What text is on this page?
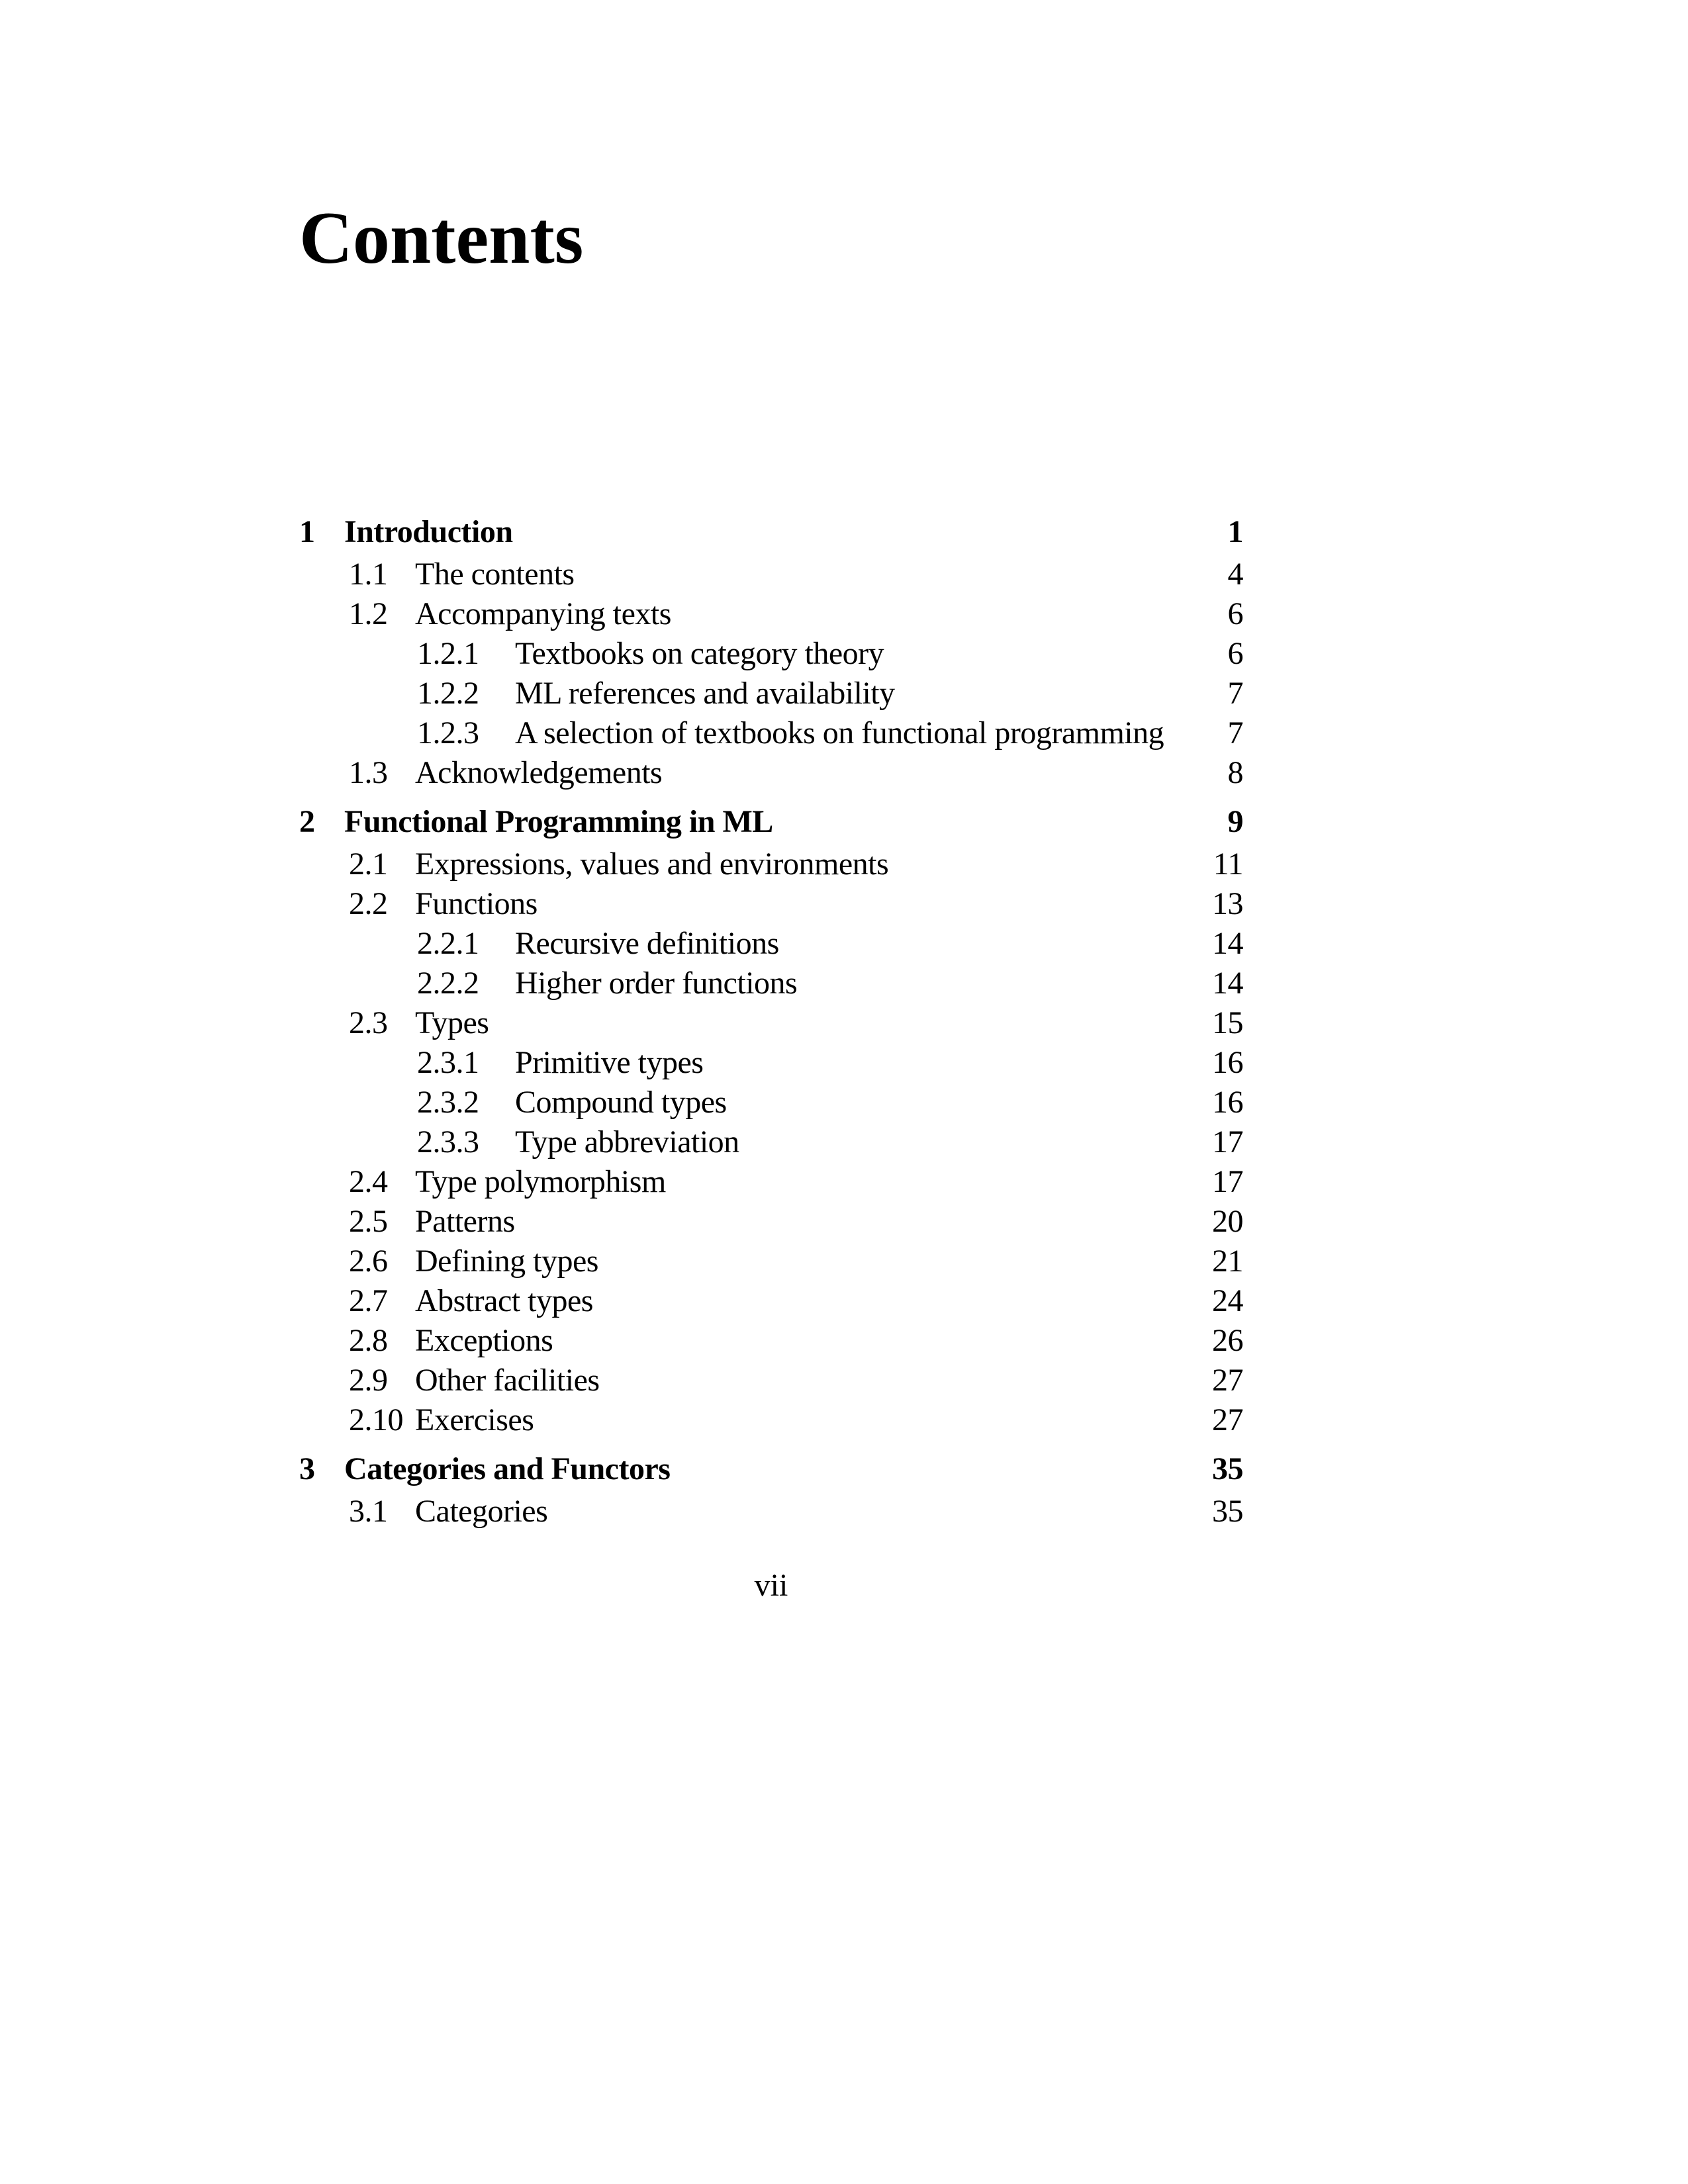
Contents
1 Introduction	1
1.1 The contents	4
1.2 Accompanying texts	6
1.2.1	Textbooks on category theory	6
1.2.2	ML references and availability	7
1.2.3	A selection of textbooks on functional programming	7
1.3 Acknowledgements	8
2 Functional Programming in ML	9
2.1 Expressions, values and environments	11
2.2 Functions	13
2.2.1	Recursive definitions	14
2.2.2	Higher order functions	14
2.3 Types	15
2.3.1	Primitive types	16
2.3.2	Compound types	16
2.3.3	Type abbreviation	17
2.4 Type polymorphism	17
2.5 Patterns	20
2.6 Defining types	21
2.7 Abstract types	24
2.8 Exceptions	26
2.9 Other facilities	27
2.10 Exercises	27
3 Categories and Functors	35
3.1 Categories	35
vii
